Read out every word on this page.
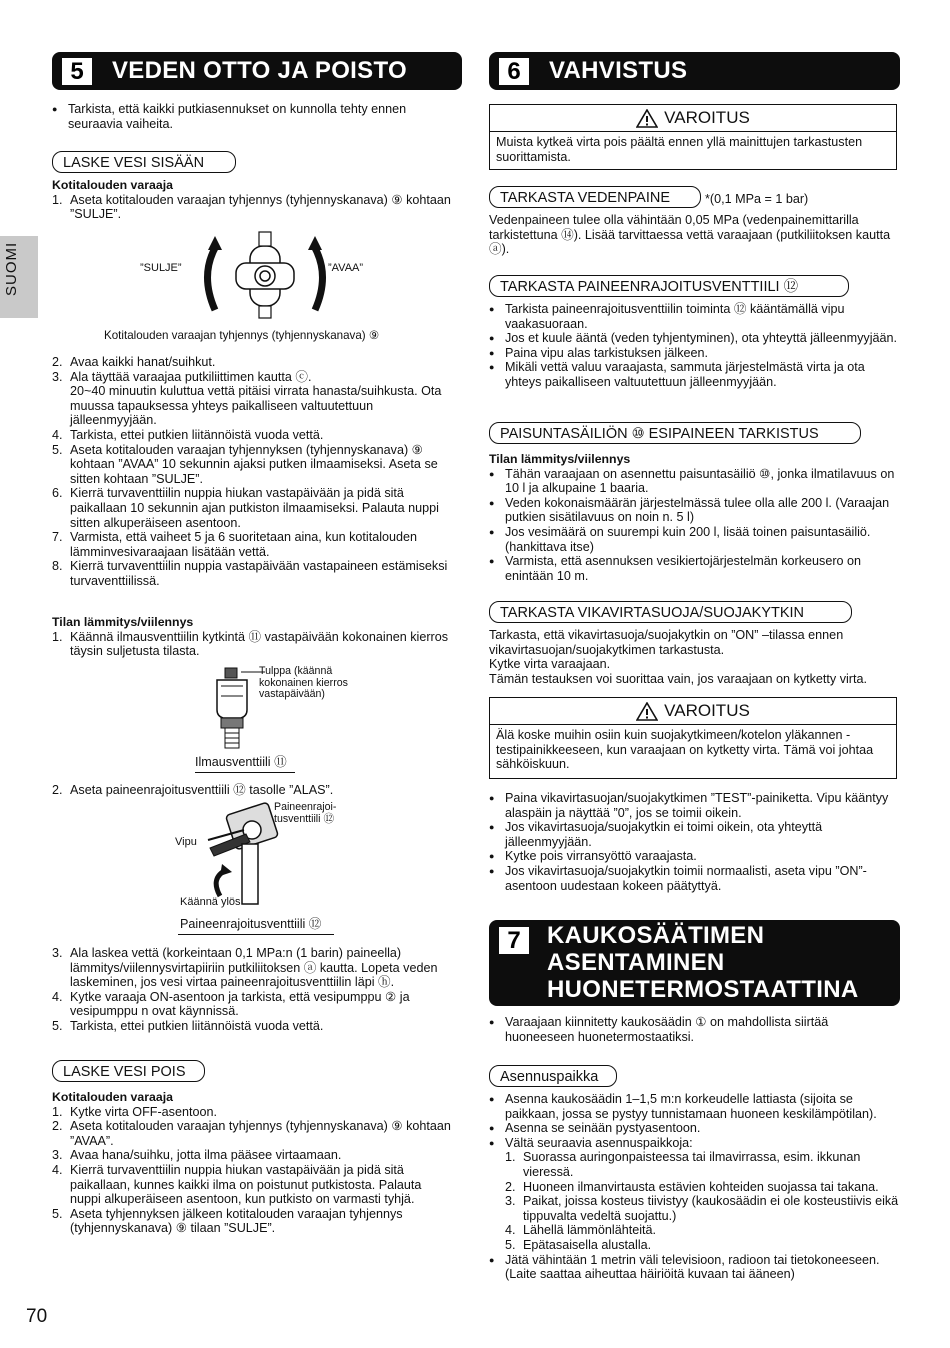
SUOMI
5	VEDEN OTTO JA POISTO
● Tarkista, että kaikki putkiasennukset on kunnolla tehty ennen seuraavia vaiheita.
LASKE VESI SISÄÄN
Kotitalouden varaaja
1. Aseta kotitalouden varaajan tyhjennys (tyhjennyskanava) ⑨ kohtaan ”SULJE”.
”SULJE”	”AVAA”
Kotitalouden varaajan tyhjennys (tyhjennyskanava) ⑨
2. Avaa kaikki hanat/suihkut.
3. Ala täyttää varaajaa putkiliittimen kautta ⓒ.
20~40 minuutin kuluttua vettä pitäisi virrata hanasta/suihkusta. Ota muussa tapauksessa yhteys paikalliseen valtuutettuun jälleenmyyjään.
4. Tarkista, ettei putkien liitännöistä vuoda vettä.
5. Aseta kotitalouden varaajan tyhjennyksen (tyhjennyskanava) ⑨ kohtaan ”AVAA” 10 sekunnin ajaksi putken ilmaamiseksi. Aseta se sitten kohtaan ”SULJE”.
6. Kierrä turvaventtiilin nuppia hiukan vastapäivään ja pidä sitä paikallaan 10 sekunnin ajan putkiston ilmaamiseksi. Palauta nuppi sitten alkuperäiseen asentoon.
7. Varmista, että vaiheet 5 ja 6 suoritetaan aina, kun kotitalouden lämminvesivaraajaan lisätään vettä.
8. Kierrä turvaventtiilin nuppia vastapäivään vastapaineen estämiseksi turvaventtiilissä.
Tilan lämmitys/viilennys
1. Käännä ilmausventtiilin kytkintä ⑪ vastapäivään kokonainen kierros täysin suljetusta tilasta.
Tulppa (käännä kokonainen kierros vastapäivään)
Ilmausventtiili ⑪
2. Aseta paineenrajoitusventtiili ⑫ tasolle ”ALAS”.
Paineenrajoi-tusventtiili ⑫
Vipu
Käännä ylös
Paineenrajoitusventtiili ⑫
3. Ala laskea vettä (korkeintaan 0,1 MPa:n (1 barin) paineella) lämmitys/viilennysvirtapiiriin putkiliitoksen ⓐ kautta. Lopeta veden laskeminen, jos vesi virtaa paineenrajoitusventtiilin läpi ⓗ.
4. Kytke varaaja ON-asentoon ja tarkista, että vesipumppu ② ja vesipumppu n ovat käynnissä.
5. Tarkista, ettei putkien liitännöistä vuoda vettä.
LASKE VESI POIS
Kotitalouden varaaja
1. Kytke virta OFF-asentoon.
2. Aseta kotitalouden varaajan tyhjennys (tyhjennyskanava) ⑨ kohtaan ”AVAA”.
3. Avaa hana/suihku, jotta ilma pääsee virtaamaan.
4. Kierrä turvaventtiilin nuppia hiukan vastapäivään ja pidä sitä paikallaan, kunnes kaikki ilma on poistunut putkistosta. Palauta nuppi alkuperäiseen asentoon, kun putkisto on varmasti tyhjä.
5. Aseta tyhjennyksen jälkeen kotitalouden varaajan tyhjennys (tyhjennyskanava) ⑨ tilaan ”SULJE”.
70
6	VAHVISTUS
VAROITUS
Muista kytkeä virta pois päältä ennen yllä mainittujen tarkastusten suorittamista.
TARKASTA VEDENPAINE	*(0,1 MPa = 1 bar)
Vedenpaineen tulee olla vähintään 0,05 MPa (vedenpainemittarilla tarkistettuna ⑭). Lisää tarvittaessa vettä varaajaan (putkiliitoksen kautta ⓐ).
TARKASTA PAINEENRAJOITUSVENTTIILI ⑫
● Tarkista paineenrajoitusventtiilin toiminta ⑫ kääntämällä vipu vaakasuoraan.
● Jos et kuule ääntä (veden tyhjentyminen), ota yhteyttä jälleenmyyjään.
● Paina vipu alas tarkistuksen jälkeen.
● Mikäli vettä valuu varaajasta, sammuta järjestelmästä virta ja ota yhteys paikalliseen valtuutettuun jälleenmyyjään.
PAISUNTASÄILIÖN ⑩ ESIPAINEEN TARKISTUS
Tilan lämmitys/viilennys
● Tähän varaajaan on asennettu paisuntasäiliö ⑩, jonka ilmatilavuus on 10 l ja alkupaine 1 baaria.
● Veden kokonaismäärän järjestelmässä tulee olla alle 200 l. (Varaajan putkien sisätilavuus on noin n. 5 l)
● Jos vesimäärä on suurempi kuin 200 l, lisää toinen paisuntasäiliö. (hankittava itse)
● Varmista, että asennuksen vesikiertojärjestelmän korkeusero on enintään 10 m.
TARKASTA VIKAVIRTASUOJA/SUOJAKYTKIN
Tarkasta, että vikavirtasuoja/suojakytkin on ”ON” –tilassa ennen vikavirtasuojan/suojakytkimen tarkastusta.
Kytke virta varaajaan.
Tämän testauksen voi suorittaa vain, jos varaajaan on kytketty virta.
VAROITUS
Älä koske muihin osiin kuin suojakytkimeen/kotelon yläkannen -testipainikkeeseen, kun varaajaan on kytketty virta. Tämä voi johtaa sähköiskuun.
● Paina vikavirtasuojan/suojakytkimen ”TEST”-painiketta. Vipu kääntyy alaspäin ja näyttää ”0”, jos se toimii oikein.
● Jos vikavirtasuoja/suojakytkin ei toimi oikein, ota yhteyttä jälleenmyyjään.
● Kytke pois virransyöttö varaajasta.
● Jos vikavirtasuoja/suojakytkin toimii normaalisti, aseta vipu ”ON”-asentoon uudestaan kokeen päätyttyä.
7	KAUKOSÄÄTIMEN
ASENTAMINEN
HUONETERMOSTAATTINA
● Varaajaan kiinnitetty kaukosäädin ① on mahdollista siirtää huoneeseen huonetermostaatiksi.
Asennuspaikka
● Asenna kaukosäädin 1–1,5 m:n korkeudelle lattiasta (sijoita se paikkaan, jossa se pystyy tunnistamaan huoneen keskilämpötilan).
● Asenna se seinään pystyasentoon.
● Vältä seuraavia asennuspaikkoja:
1. Suorassa auringonpaisteessa tai ilmavirrassa, esim. ikkunan vieressä.
2. Huoneen ilmanvirtausta estävien kohteiden suojassa tai takana.
3. Paikat, joissa kosteus tiivistyy (kaukosäädin ei ole kosteustiivis eikä tippuvalta vedeltä suojattu.)
4. Lähellä lämmönlähteitä.
5. Epätasaisella alustalla.
● Jätä vähintään 1 metrin väli televisioon, radioon tai tietokoneeseen. (Laite saattaa aiheuttaa häiriöitä kuvaan tai ääneen)
